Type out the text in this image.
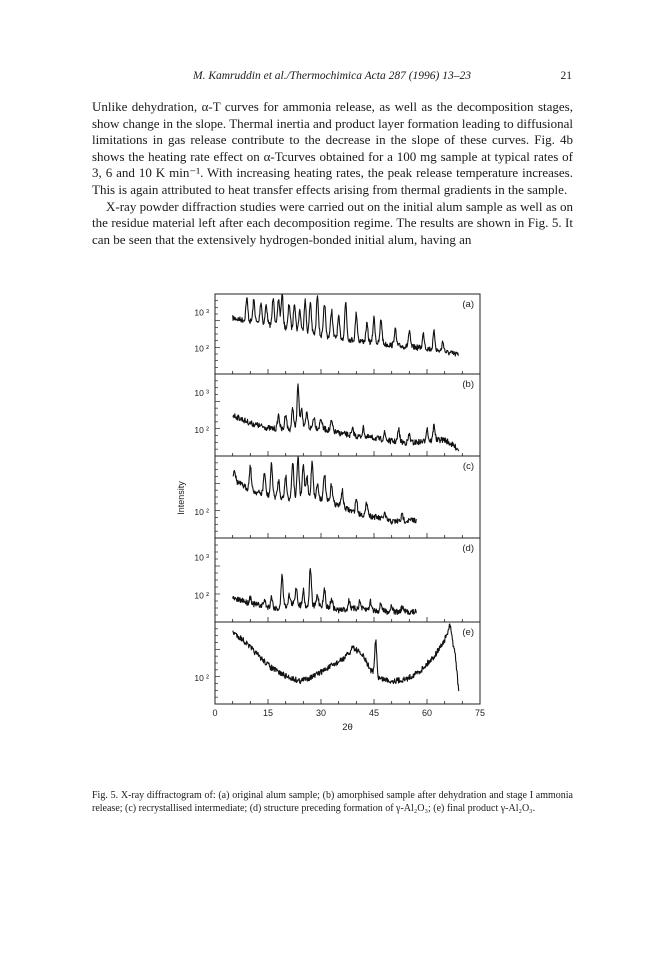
M. Kamruddin et al./Thermochimica Acta 287 (1996) 13–23	21

Unlike dehydration, α-T curves for ammonia release, as well as the decomposition stages, show change in the slope. Thermal inertia and product layer formation leading to diffusional limitations in gas release contribute to the decrease in the slope of these curves. Fig. 4b shows the heating rate effect on α-Tcurves obtained for a 100 mg sample at typical rates of 3, 6 and 10 K min⁻¹. With increasing heating rates, the peak release temperature increases. This is again attributed to heat transfer effects arising from thermal gradients in the sample.

X-ray powder diffraction studies were carried out on the initial alum sample as well as on the residue material left after each decomposition regime. The results are shown in Fig. 5. It can be seen that the extensively hydrogen-bonded initial alum, having an

10 ³
10 ²
(a)
10 ³
10 ²
(b)
10 ²
(c)
10 ³
10 ²
(d)
10 ²
(e)
0	15	30	45	60	75
2θ
Intensity
Fig. 5. X-ray diffractogram of: (a) original alum sample; (b) amorphised sample after dehydration and stage I ammonia release; (c) recrystallised intermediate; (d) structure preceding formation of γ-Al₂O₃; (e) final product γ-Al₂O₃.
